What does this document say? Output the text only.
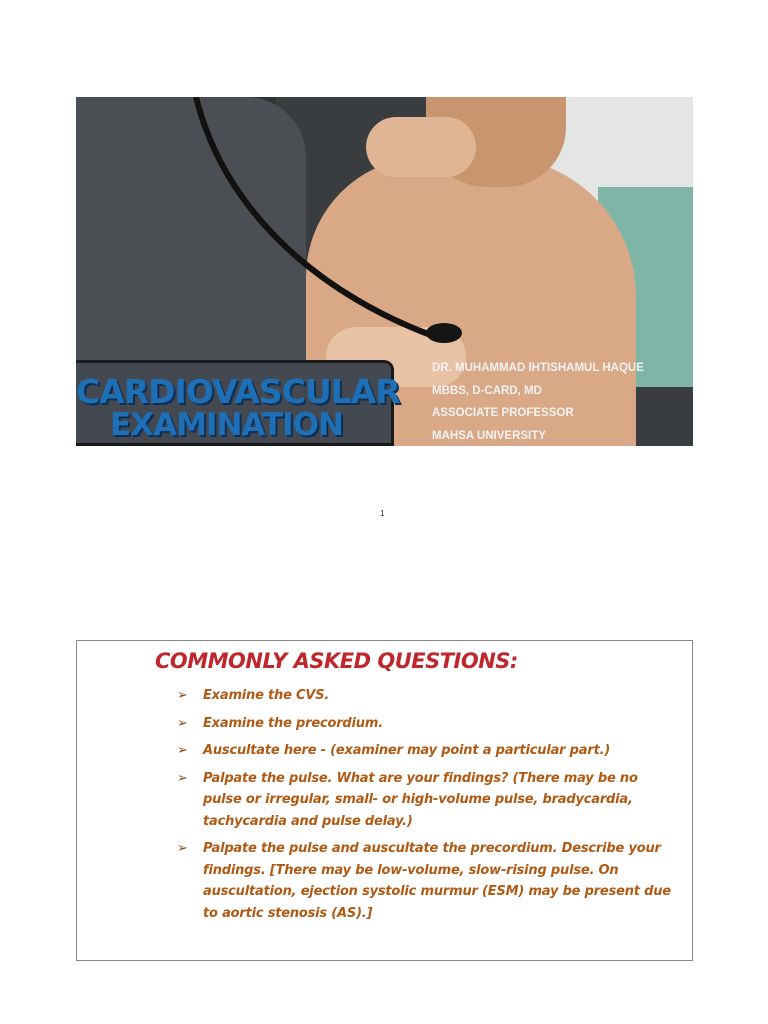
CARDIOVASCULAR
EXAMINATION
DR. MUHAMMAD IHTISHAMUL HAQUE
MBBS, D-CARD, MD
ASSOCIATE PROFESSOR
MAHSA UNIVERSITY
1
COMMONLY ASKED QUESTIONS:
➢ Examine the CVS.
➢ Examine the precordium.
➢ Auscultate here - (examiner may point a particular part.)
➢ Palpate the pulse. What are your findings? (There may be no pulse or irregular, small- or high-volume pulse, bradycardia, tachycardia and pulse delay.)
➢ Palpate the pulse and auscultate the precordium. Describe your findings. [There may be low-volume, slow-rising pulse. On auscultation, ejection systolic murmur (ESM) may be present due to aortic stenosis (AS).]
